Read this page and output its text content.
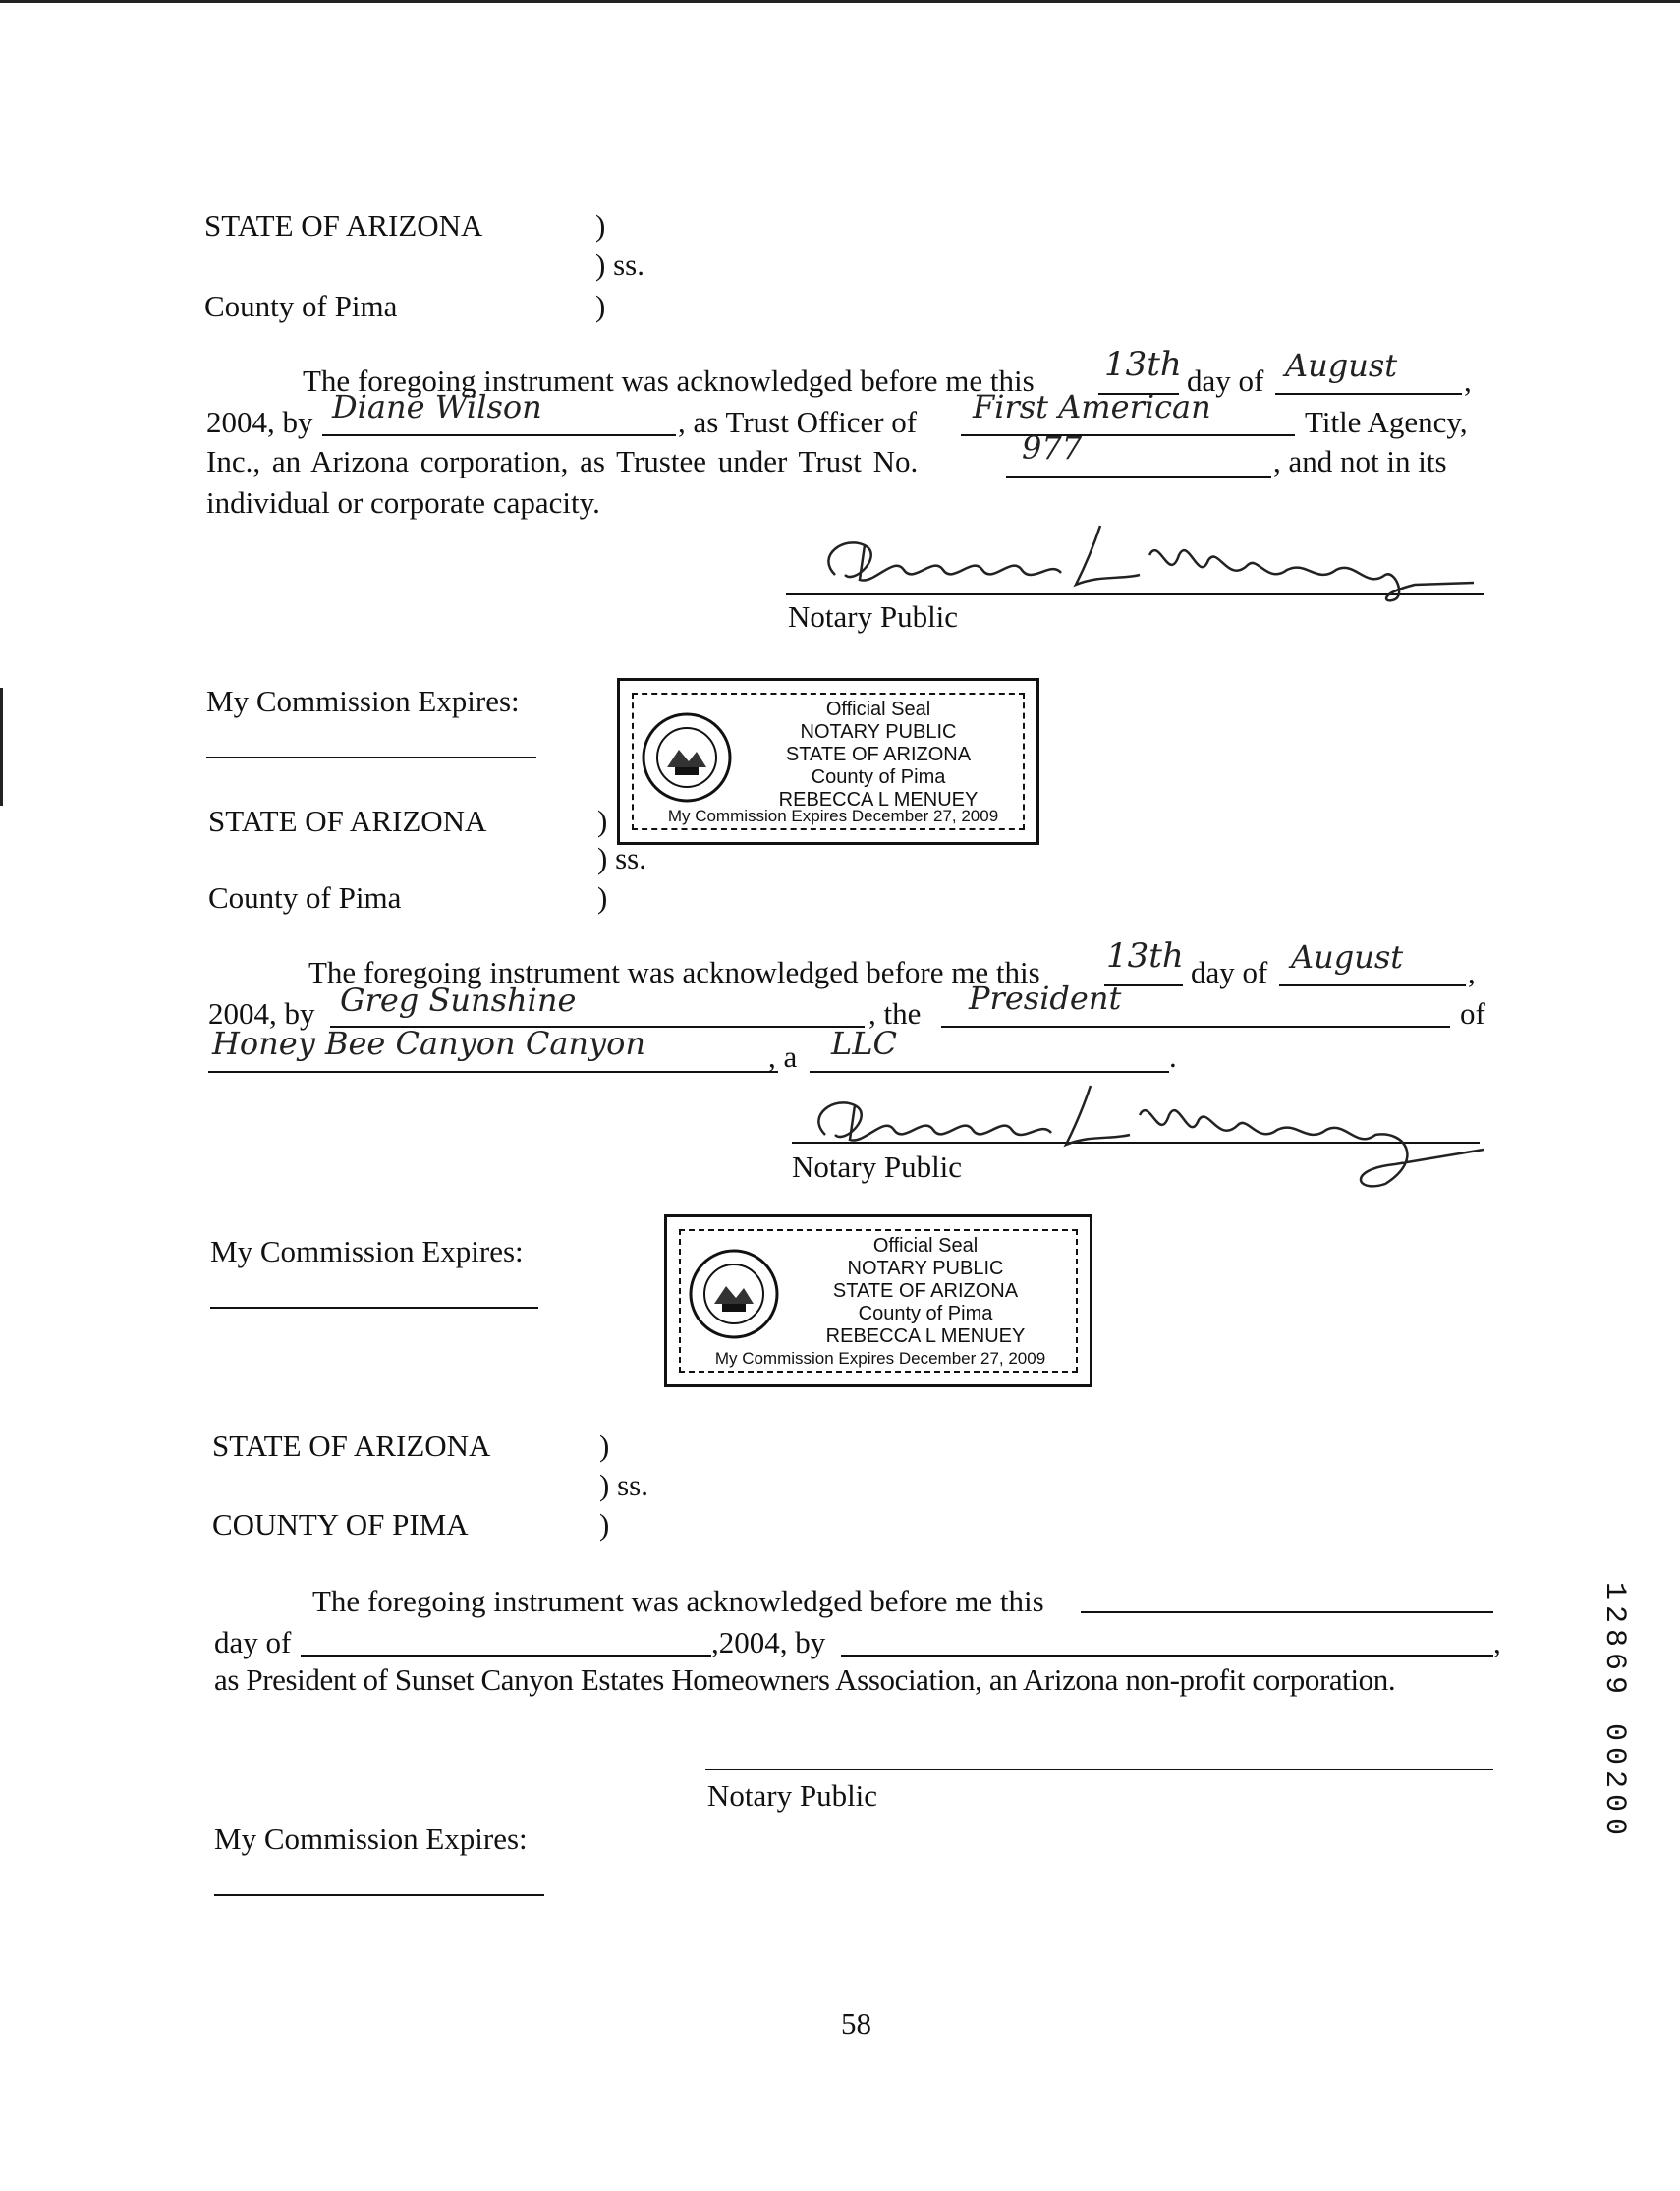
STATE OF ARIZONA	)
) ss.
County of Pima	)
The foregoing instrument was acknowledged before me this 13th day of August ,
2004, by Diane Wilson	, as Trust Officer of First American	Title Agency,
Inc., an Arizona corporation, as Trustee under Trust No.	977	, and not in its
individual or corporate capacity.
Notary Public
My Commission Expires:	Official Seal
NOTARY PUBLIC
STATE OF ARIZONA
County of Pima
REBECCA L MENUEY
My Commission Expires December 27, 2009
STATE OF ARIZONA	)
) ss.
County of Pima	)
The foregoing instrument was acknowledged before me this 13th day of August ,
2004, by Greg Sunshine	, the President	of
Honey Bee Canyon Canyon	, a LLC	.
Notary Public
My Commission Expires:	Official Seal
NOTARY PUBLIC
STATE OF ARIZONA
County of Pima
REBECCA L MENUEY
My Commission Expires December 27, 2009
STATE OF ARIZONA	)
) ss.
COUNTY OF PIMA	)
The foregoing instrument was acknowledged before me this
day of	,2004, by	,
as President of Sunset Canyon Estates Homeowners Association, an Arizona non-profit corporation.
Notary Public
My Commission Expires:
58
12869 00200
